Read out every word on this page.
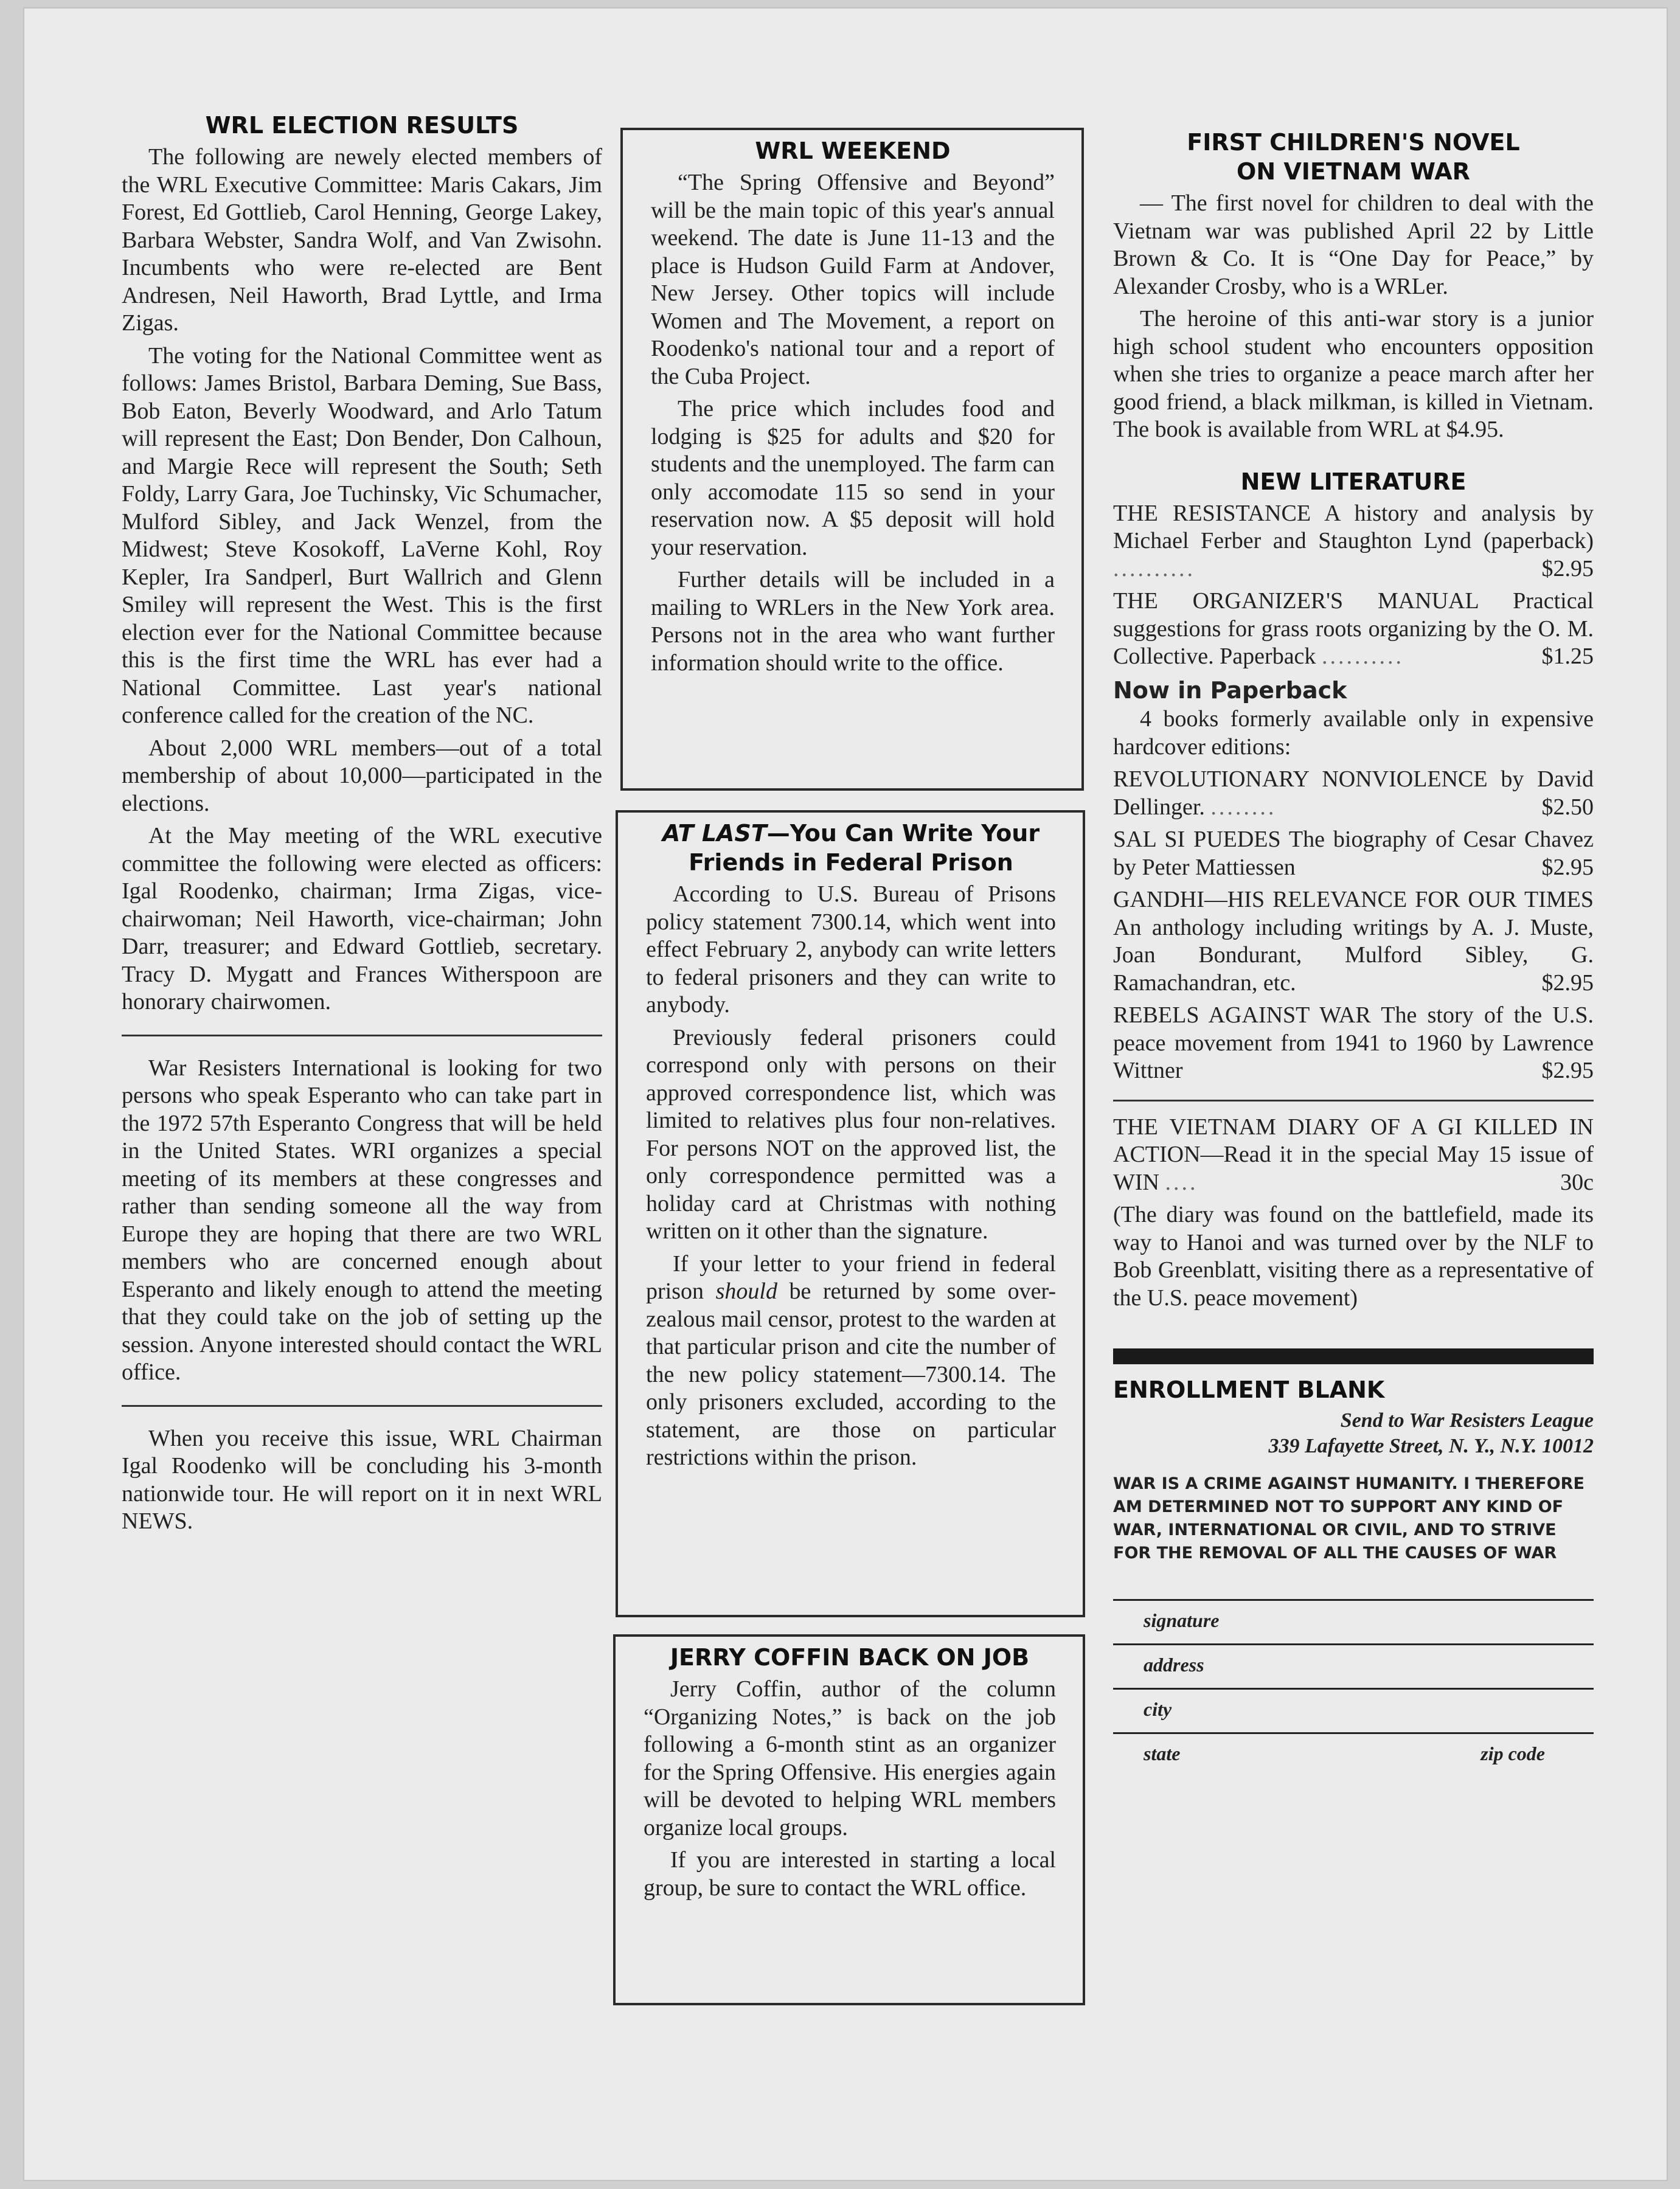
WRL ELECTION RESULTS

The following are newely elected members of the WRL Executive Committee: Maris Cakars, Jim Forest, Ed Gottlieb, Carol Henning, George Lakey, Barbara Webster, Sandra Wolf, and Van Zwisohn. Incumbents who were re-elected are Bent Andresen, Neil Haworth, Brad Lyttle, and Irma Zigas.

The voting for the National Committee went as follows: James Bristol, Barbara Deming, Sue Bass, Bob Eaton, Beverly Woodward, and Arlo Tatum will represent the East; Don Bender, Don Calhoun, and Margie Rece will represent the South; Seth Foldy, Larry Gara, Joe Tuchinsky, Vic Schumacher, Mulford Sibley, and Jack Wenzel, from the Midwest; Steve Kosokoff, LaVerne Kohl, Roy Kepler, Ira Sandperl, Burt Wallrich and Glenn Smiley will represent the West. This is the first election ever for the National Committee because this is the first time the WRL has ever had a National Committee. Last year's national conference called for the creation of the NC.

About 2,000 WRL members—out of a total membership of about 10,000—participated in the elections.

At the May meeting of the WRL executive committee the following were elected as officers: Igal Roodenko, chairman; Irma Zigas, vice-chairwoman; Neil Haworth, vice-chairman; John Darr, treasurer; and Edward Gottlieb, secretary. Tracy D. Mygatt and Frances Witherspoon are honorary chairwomen.

War Resisters International is looking for two persons who speak Esperanto who can take part in the 1972 57th Esperanto Congress that will be held in the United States. WRI organizes a special meeting of its members at these congresses and rather than sending someone all the way from Europe they are hoping that there are two WRL members who are concerned enough about Esperanto and likely enough to attend the meeting that they could take on the job of setting up the session. Anyone interested should contact the WRL office.

When you receive this issue, WRL Chairman Igal Roodenko will be concluding his 3-month nationwide tour. He will report on it in next WRL NEWS.

WRL WEEKEND

“The Spring Offensive and Beyond” will be the main topic of this year's annual weekend. The date is June 11-13 and the place is Hudson Guild Farm at Andover, New Jersey. Other topics will include Women and The Movement, a report on Roodenko's national tour and a report of the Cuba Project.

The price which includes food and lodging is $25 for adults and $20 for students and the unemployed. The farm can only accomodate 115 so send in your reservation now. A $5 deposit will hold your reservation.

Further details will be included in a mailing to WRLers in the New York area. Persons not in the area who want further information should write to the office.

AT LAST—You Can Write Your Friends in Federal Prison

According to U.S. Bureau of Prisons policy statement 7300.14, which went into effect February 2, anybody can write letters to federal prisoners and they can write to anybody.

Previously federal prisoners could correspond only with persons on their approved correspondence list, which was limited to relatives plus four non-relatives. For persons NOT on the approved list, the only correspondence permitted was a holiday card at Christmas with nothing written on it other than the signature.

If your letter to your friend in federal prison should be returned by some over-zealous mail censor, protest to the warden at that particular prison and cite the number of the new policy statement—7300.14. The only prisoners excluded, according to the statement, are those on particular restrictions within the prison.

JERRY COFFIN BACK ON JOB

Jerry Coffin, author of the column “Organizing Notes,” is back on the job following a 6-month stint as an organizer for the Spring Offensive. His energies again will be devoted to helping WRL members organize local groups.

If you are interested in starting a local group, be sure to contact the WRL office.

FIRST CHILDREN'S NOVEL
ON VIETNAM WAR

— The first novel for children to deal with the Vietnam war was published April 22 by Little Brown & Co. It is “One Day for Peace,” by Alexander Crosby, who is a WRLer.

The heroine of this anti-war story is a junior high school student who encounters opposition when she tries to organize a peace march after her good friend, a black milkman, is killed in Vietnam. The book is available from WRL at $4.95.

NEW LITERATURE

THE RESISTANCE A history and analysis by Michael Ferber and Staughton Lynd (paperback) ..........	$2.95

THE ORGANIZER'S MANUAL Practical suggestions for grass roots organizing by the O. M. Collective. Paperback ..........	$1.25

Now in Paperback

4 books formerly available only in expensive hardcover editions:

REVOLUTIONARY NONVIOLENCE by David Dellinger. ........	$2.50

SAL SI PUEDES The biography of Cesar Chavez by Peter Mattiessen	$2.95

GANDHI—HIS RELEVANCE FOR OUR TIMES An anthology including writings by A. J. Muste, Joan Bondurant, Mulford Sibley, G. Ramachandran, etc.	$2.95

REBELS AGAINST WAR The story of the U.S. peace movement from 1941 to 1960 by Lawrence Wittner	$2.95

THE VIETNAM DIARY OF A GI KILLED IN ACTION—Read it in the special May 15 issue of WIN ....	30c

(The diary was found on the battlefield, made its way to Hanoi and was turned over by the NLF to Bob Greenblatt, visiting there as a representative of the U.S. peace movement)

ENROLLMENT BLANK
Send to War Resisters League
339 Lafayette Street, N. Y., N.Y. 10012
WAR IS A CRIME AGAINST HUMANITY. I THEREFORE AM DETERMINED NOT TO SUPPORT ANY KIND OF WAR, INTERNATIONAL OR CIVIL, AND TO STRIVE FOR THE REMOVAL OF ALL THE CAUSES OF WAR
signature
address
city
state	zip code
